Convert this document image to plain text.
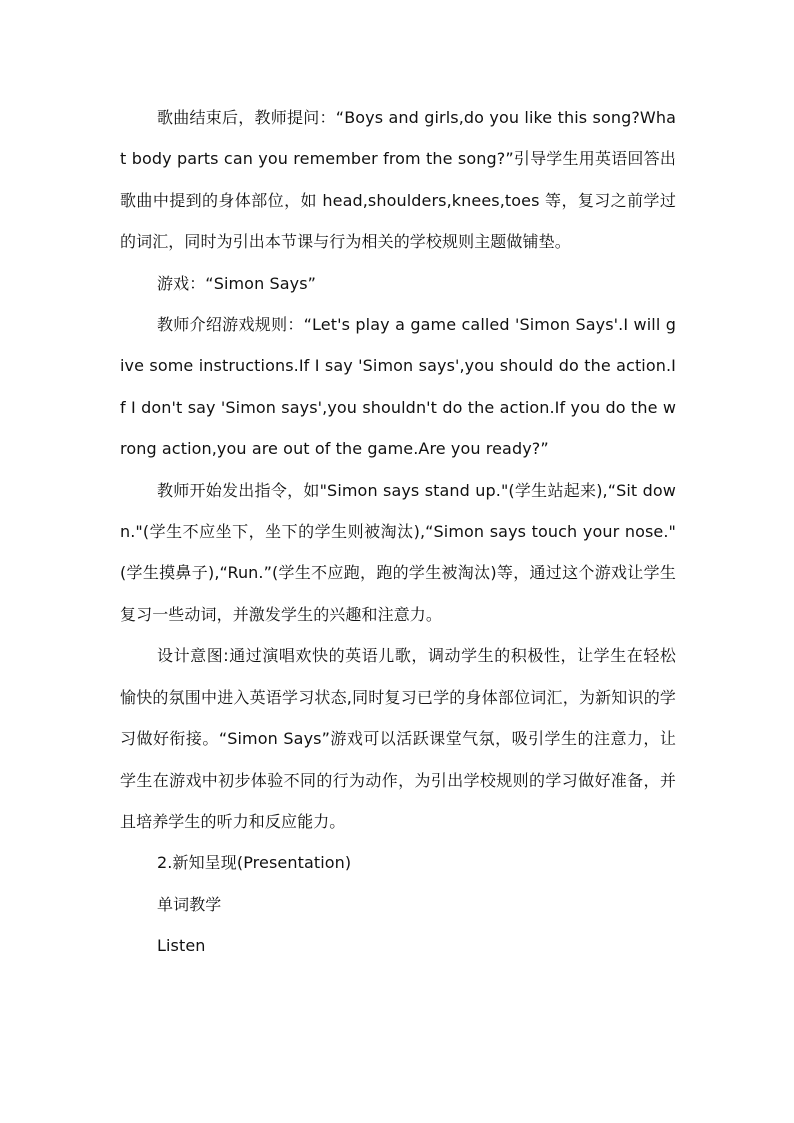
歌曲结束后，教师提问：“Boys and girls,do you like this song?What body parts can you remember from the song?”引导学生用英语回答出歌曲中提到的身体部位，如 head,shoulders,knees,toes 等，复习之前学过的词汇，同时为引出本节课与行为相关的学校规则主题做铺垫。

游戏：“Simon Says”

教师介绍游戏规则：“Let's play a game called 'Simon Says'.I will give some instructions.If I say 'Simon says',you should do the action.If I don't say 'Simon says',you shouldn't do the action.If you do the wrong action,you are out of the game.Are you ready?”

教师开始发出指令，如"Simon says stand up."(学生站起来),“Sit down."(学生不应坐下，坐下的学生则被淘汰),“Simon says touch your nose."(学生摸鼻子),“Run.”(学生不应跑，跑的学生被淘汰)等，通过这个游戏让学生复习一些动词，并激发学生的兴趣和注意力。

设计意图:通过演唱欢快的英语儿歌，调动学生的积极性，让学生在轻松愉快的氛围中进入英语学习状态,同时复习已学的身体部位词汇，为新知识的学习做好衔接。“Simon Says”游戏可以活跃课堂气氛，吸引学生的注意力，让学生在游戏中初步体验不同的行为动作，为引出学校规则的学习做好准备，并且培养学生的听力和反应能力。

2.新知呈现(Presentation)

单词教学

Listen
